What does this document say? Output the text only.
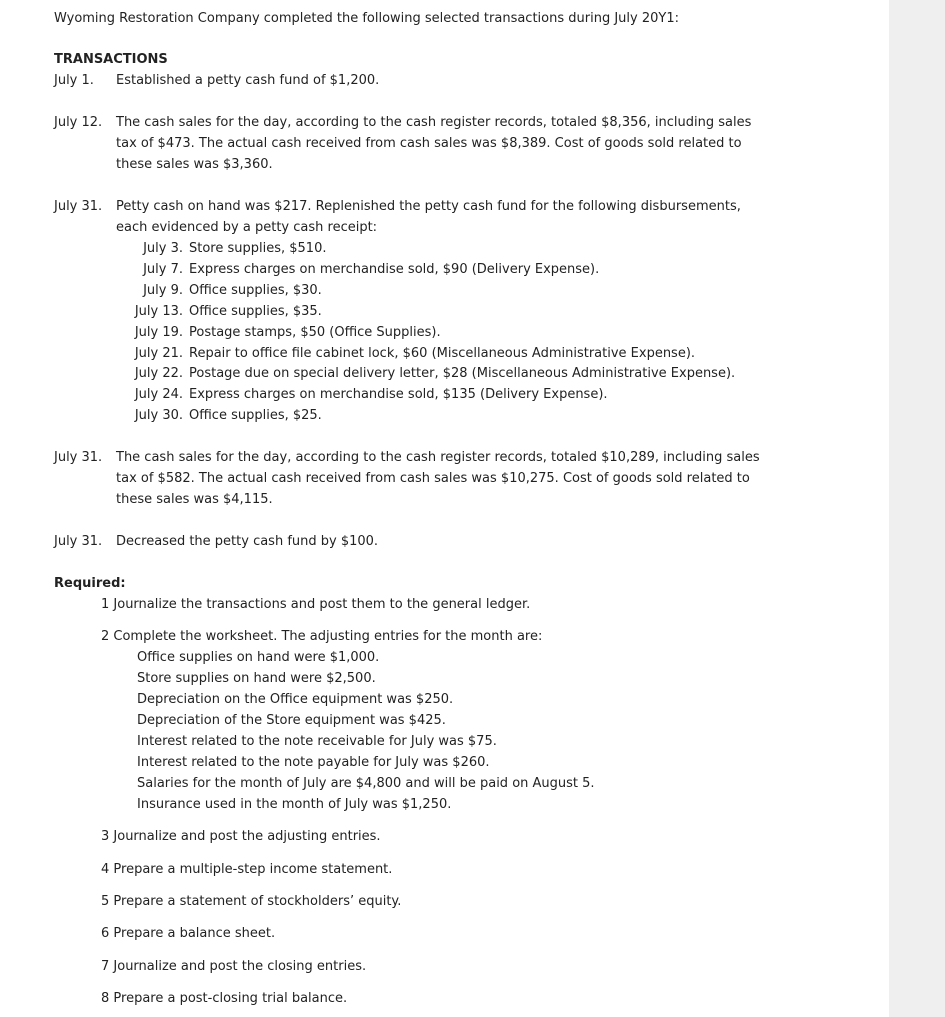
Wyoming Restoration Company completed the following selected transactions during July 20Y1:
TRANSACTIONS
July 1. Established a petty cash fund of $1,200.
July 12. The cash sales for the day, according to the cash register records, totaled $8,356, including sales
tax of $473. The actual cash received from cash sales was $8,389. Cost of goods sold related to
these sales was $3,360.
July 31. Petty cash on hand was $217. Replenished the petty cash fund for the following disbursements,
each evidenced by a petty cash receipt:
July 3. Store supplies, $510.
July 7. Express charges on merchandise sold, $90 (Delivery Expense).
July 9. Office supplies, $30.
July 13. Office supplies, $35.
July 19. Postage stamps, $50 (Office Supplies).
July 21. Repair to office file cabinet lock, $60 (Miscellaneous Administrative Expense).
July 22. Postage due on special delivery letter, $28 (Miscellaneous Administrative Expense).
July 24. Express charges on merchandise sold, $135 (Delivery Expense).
July 30. Office supplies, $25.
July 31. The cash sales for the day, according to the cash register records, totaled $10,289, including sales
tax of $582. The actual cash received from cash sales was $10,275. Cost of goods sold related to
these sales was $4,115.
July 31. Decreased the petty cash fund by $100.
Required:
1 Journalize the transactions and post them to the general ledger.
2 Complete the worksheet. The adjusting entries for the month are:
Office supplies on hand were $1,000.
Store supplies on hand were $2,500.
Depreciation on the Office equipment was $250.
Depreciation of the Store equipment was $425.
Interest related to the note receivable for July was $75.
Interest related to the note payable for July was $260.
Salaries for the month of July are $4,800 and will be paid on August 5.
Insurance used in the month of July was $1,250.
3 Journalize and post the adjusting entries.
4 Prepare a multiple-step income statement.
5 Prepare a statement of stockholders’ equity.
6 Prepare a balance sheet.
7 Journalize and post the closing entries.
8 Prepare a post-closing trial balance.
